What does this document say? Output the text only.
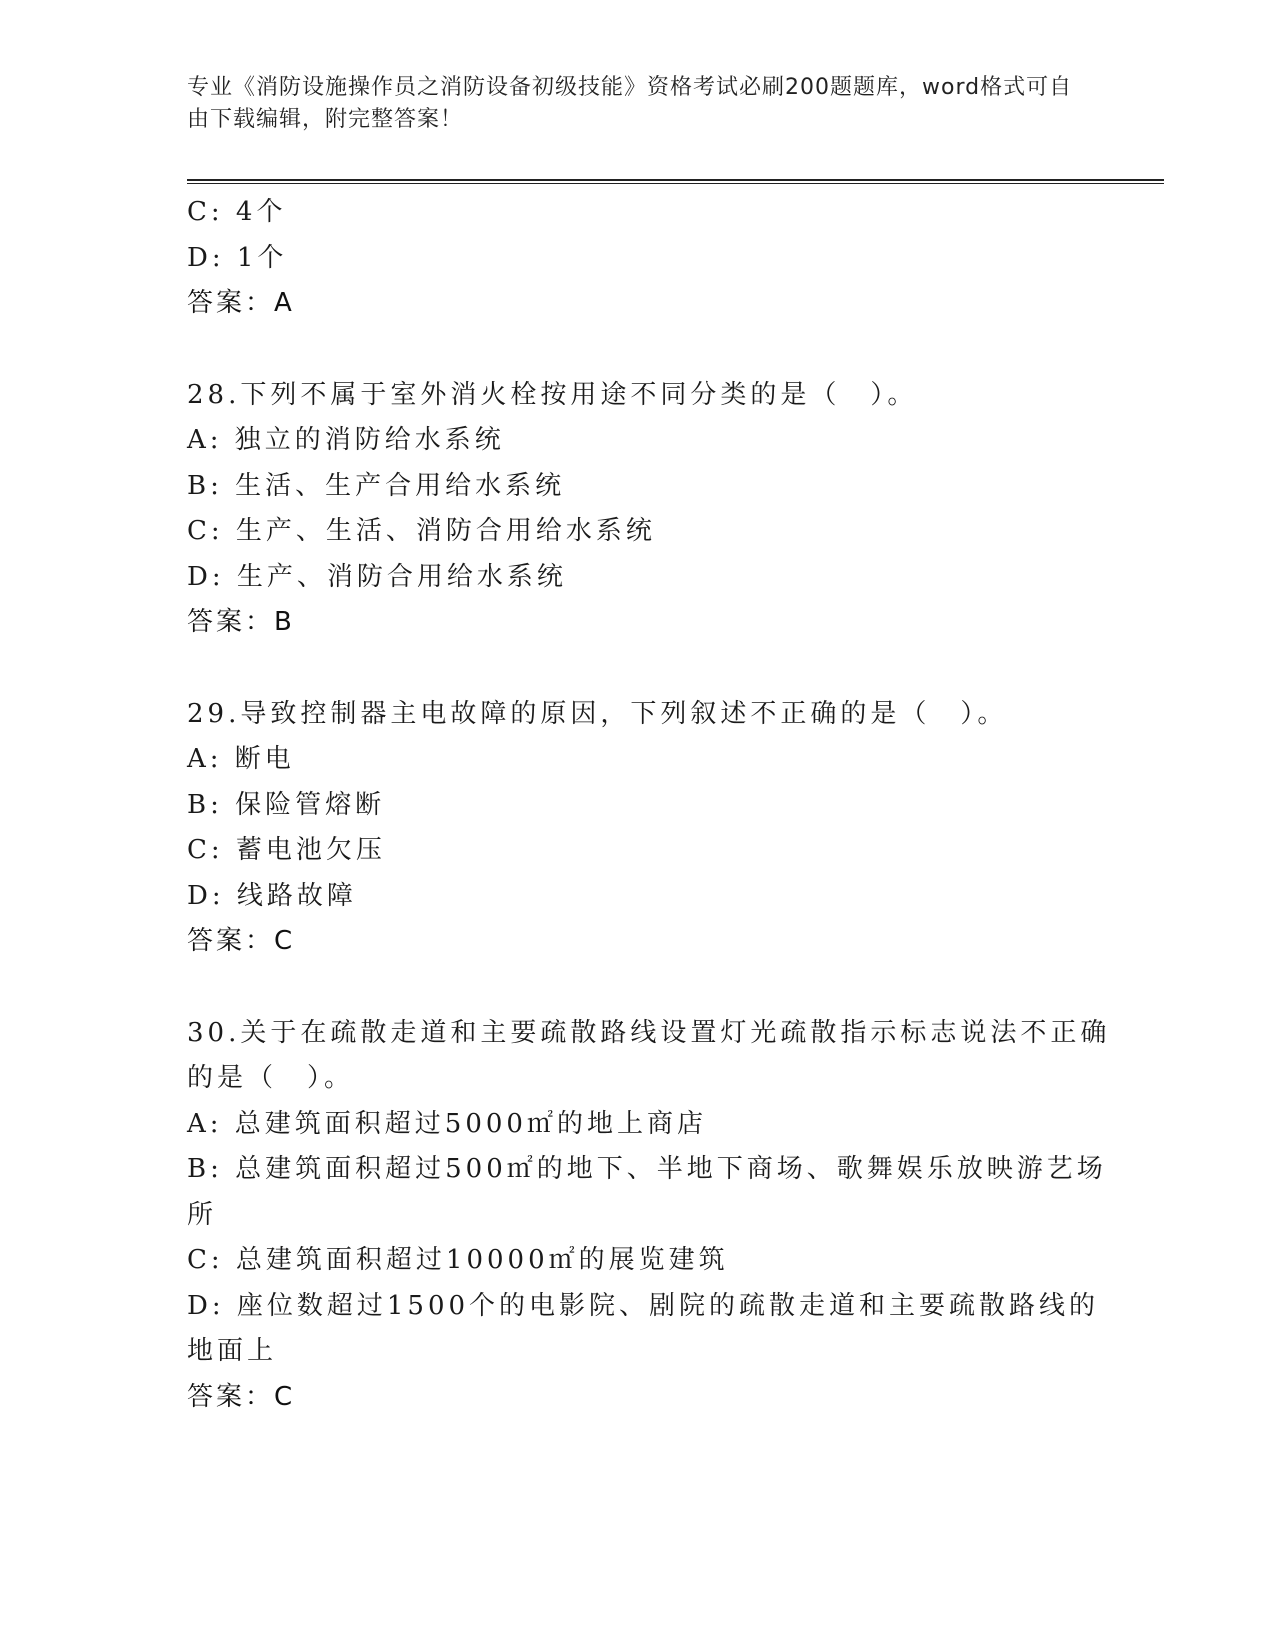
专业《消防设施操作员之消防设备初级技能》资格考试必刷200题题库，word格式可自由下载编辑，附完整答案！
C: 4个
D: 1个
答案：A
28.下列不属于室外消火栓按用途不同分类的是（　）。
A: 独立的消防给水系统
B: 生活、生产合用给水系统
C: 生产、生活、消防合用给水系统
D: 生产、消防合用给水系统
答案：B
29.导致控制器主电故障的原因，下列叙述不正确的是（　）。
A: 断电
B: 保险管熔断
C: 蓄电池欠压
D: 线路故障
答案：C
30.关于在疏散走道和主要疏散路线设置灯光疏散指示标志说法不正确
的是（　）。
A: 总建筑面积超过5000㎡的地上商店
B: 总建筑面积超过500㎡的地下、半地下商场、歌舞娱乐放映游艺场
所
C: 总建筑面积超过10000㎡的展览建筑
D: 座位数超过1500个的电影院、剧院的疏散走道和主要疏散路线的
地面上
答案：C
